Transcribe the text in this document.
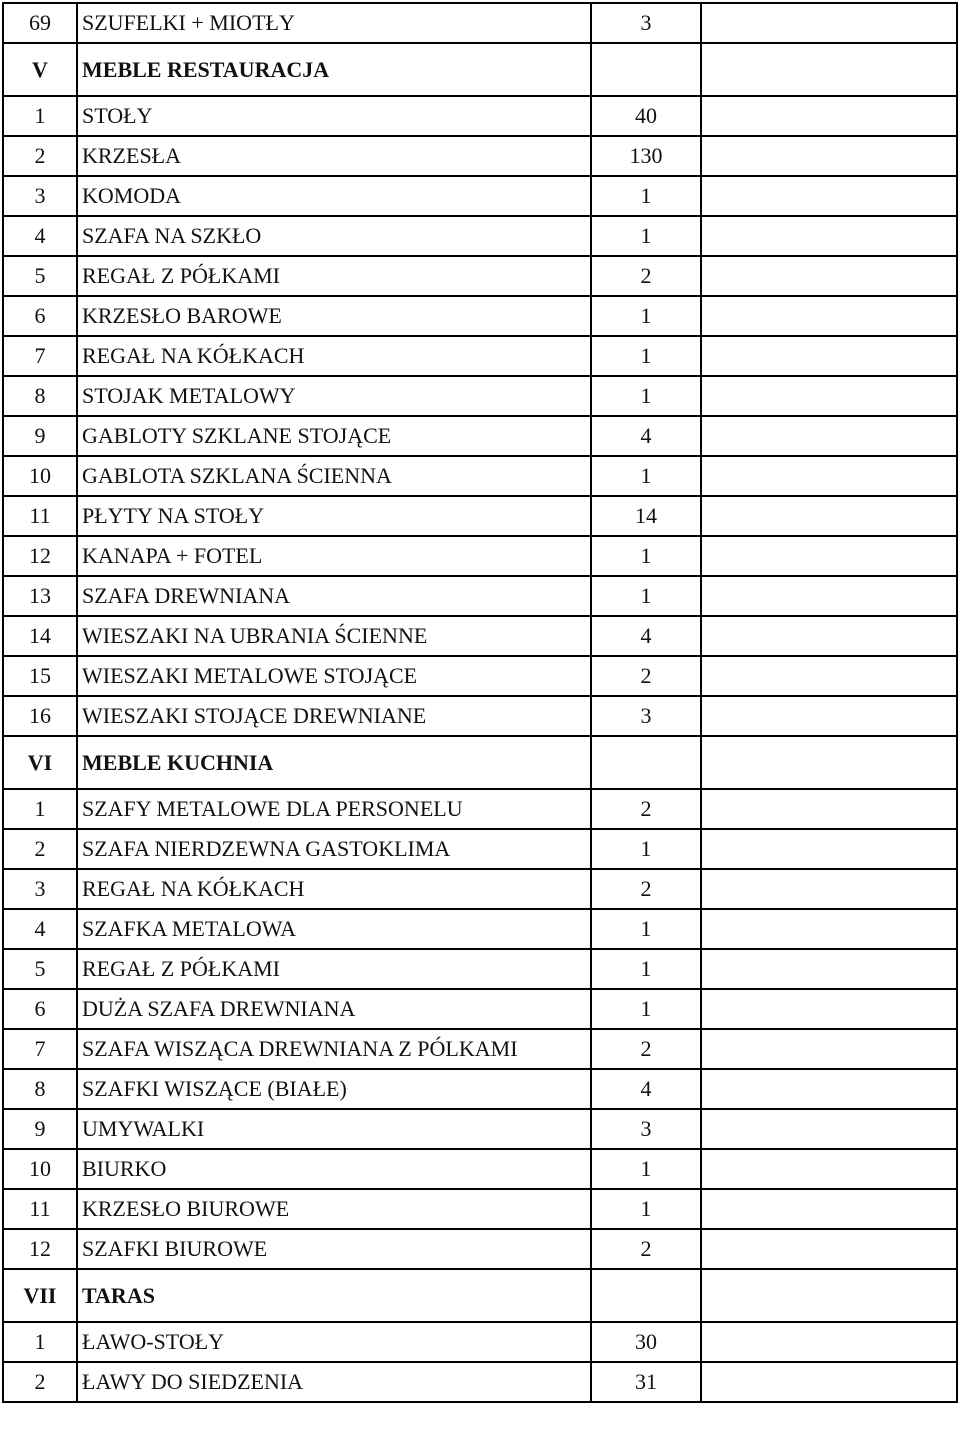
69	SZUFELKI + MIOTŁY	3	
V	MEBLE RESTAURACJA		
1	STOŁY	40	
2	KRZESŁA	130	
3	KOMODA	1	
4	SZAFA NA SZKŁO	1	
5	REGAŁ Z PÓŁKAMI	2	
6	KRZESŁO BAROWE	1	
7	REGAŁ NA KÓŁKACH	1	
8	STOJAK METALOWY	1	
9	GABLOTY SZKLANE STOJĄCE	4	
10	GABLOTA SZKLANA ŚCIENNA	1	
11	PŁYTY NA STOŁY	14	
12	KANAPA + FOTEL	1	
13	SZAFA DREWNIANA	1	
14	WIESZAKI NA UBRANIA ŚCIENNE	4	
15	WIESZAKI METALOWE STOJĄCE	2	
16	WIESZAKI STOJĄCE DREWNIANE	3	
VI	MEBLE KUCHNIA		
1	SZAFY METALOWE DLA PERSONELU	2	
2	SZAFA NIERDZEWNA GASTOKLIMA	1	
3	REGAŁ NA KÓŁKACH	2	
4	SZAFKA METALOWA	1	
5	REGAŁ Z PÓŁKAMI	1	
6	DUŻA SZAFA DREWNIANA	1	
7	SZAFA WISZĄCA DREWNIANA Z PÓLKAMI	2	
8	SZAFKI WISZĄCE (BIAŁE)	4	
9	UMYWALKI	3	
10	BIURKO	1	
11	KRZESŁO BIUROWE	1	
12	SZAFKI BIUROWE	2	
VII	TARAS		
1	ŁAWO-STOŁY	30	
2	ŁAWY DO SIEDZENIA	31	
